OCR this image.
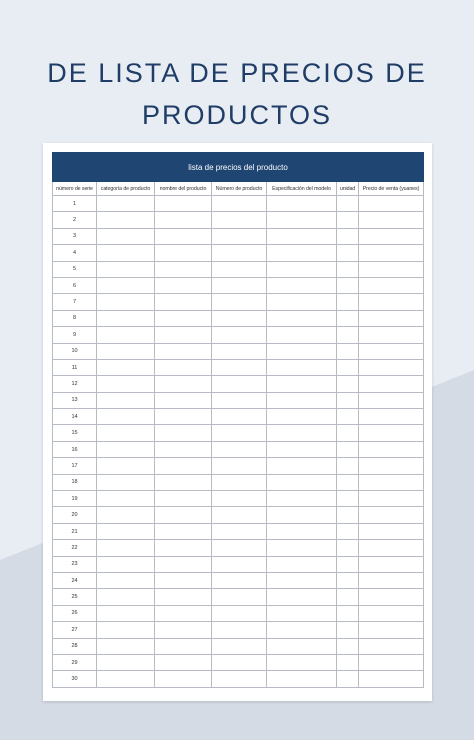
DE LISTA DE PRECIOS DE
PRODUCTOS
lista de precios del producto						
número de serie	categoría de producto	nombre del producto	Número de producto	Especificación del modelo	unidad	Precio de venta (yuanes)
1						
2						
3						
4						
5						
6						
7						
8						
9						
10						
11						
12						
13						
14						
15						
16						
17						
18						
19						
20						
21						
22						
23						
24						
25						
26						
27						
28						
29						
30						
